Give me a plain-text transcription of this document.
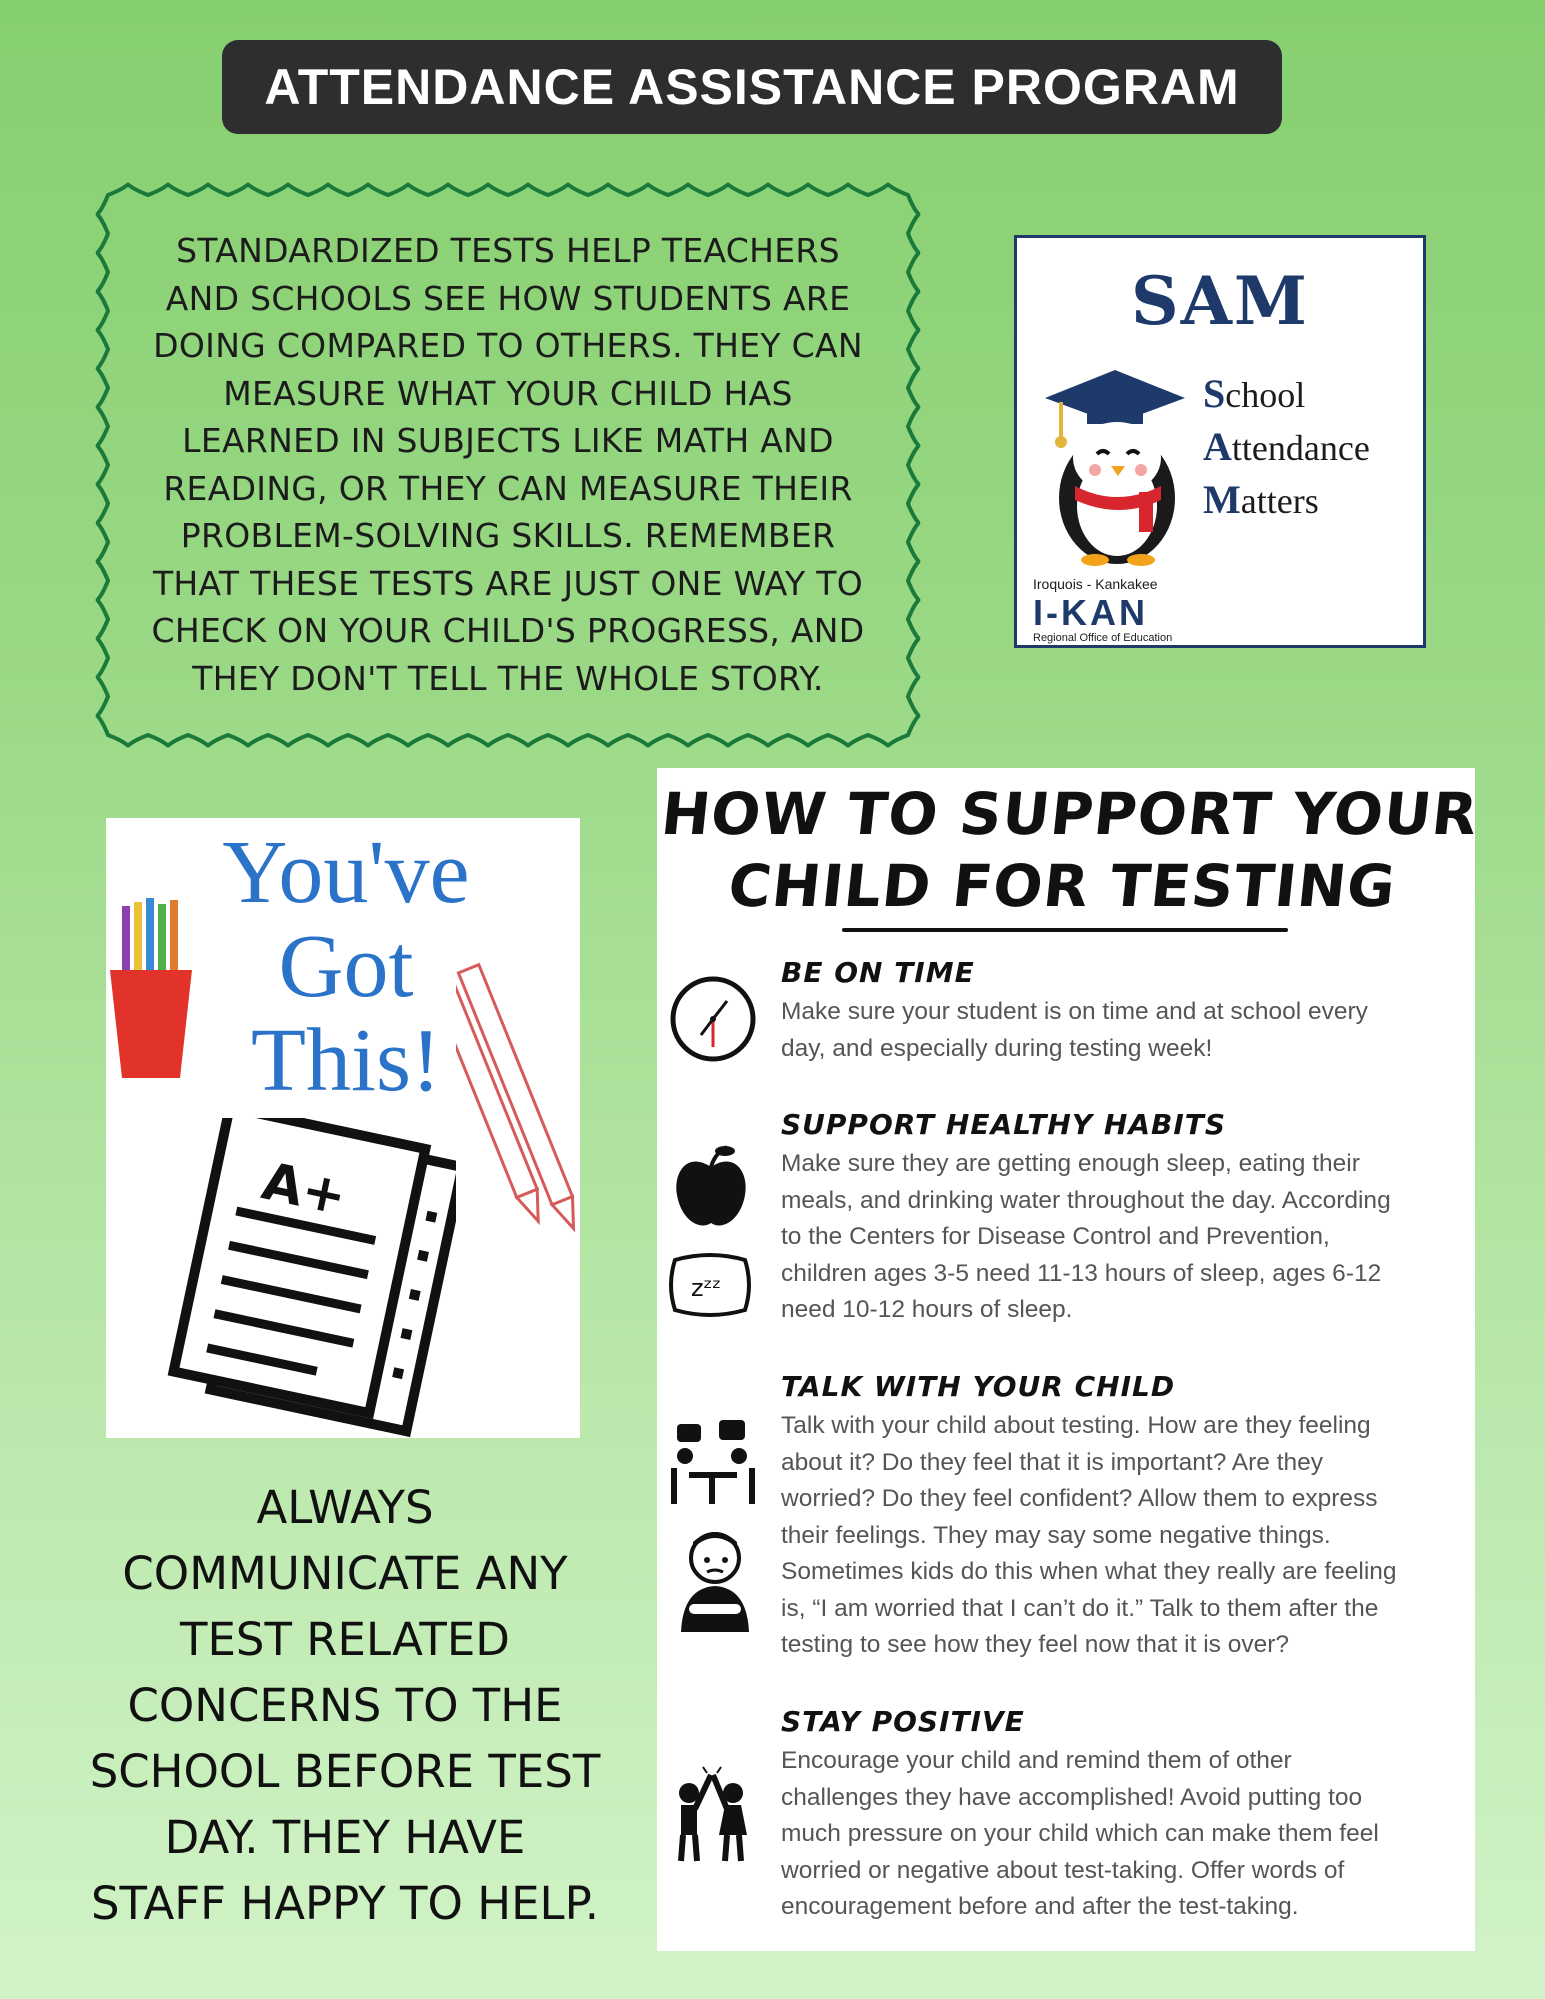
ATTENDANCE ASSISTANCE PROGRAM
STANDARDIZED TESTS HELP TEACHERS
AND SCHOOLS SEE HOW STUDENTS ARE
DOING COMPARED TO OTHERS. THEY CAN
MEASURE WHAT YOUR CHILD HAS
LEARNED IN SUBJECTS LIKE MATH AND
READING, OR THEY CAN MEASURE THEIR
PROBLEM-SOLVING SKILLS. REMEMBER
THAT THESE TESTS ARE JUST ONE WAY TO
CHECK ON YOUR CHILD'S PROGRESS, AND
THEY DON'T TELL THE WHOLE STORY.
SAM
School
Attendance
Matters
Iroquois - Kankakee
I-KAN
Regional Office of Education
You've
Got
This!
A+
ALWAYS
COMMUNICATE ANY
TEST RELATED
CONCERNS TO THE
SCHOOL BEFORE TEST
DAY. THEY HAVE
STAFF HAPPY TO HELP.
HOW TO SUPPORT YOUR
CHILD FOR TESTING
BE ON TIME
Make sure your student is on time and at school every
day, and especially during testing week!
zᶻᶻ
SUPPORT HEALTHY HABITS
Make sure they are getting enough sleep, eating their
meals, and drinking water throughout the day. According
to the Centers for Disease Control and Prevention,
children ages 3-5 need 11-13 hours of sleep, ages 6-12
need 10-12 hours of sleep.
TALK WITH YOUR CHILD
Talk with your child about testing. How are they feeling
about it? Do they feel that it is important? Are they
worried? Do they feel confident? Allow them to express
their feelings. They may say some negative things.
Sometimes kids do this when what they really are feeling
is, “I am worried that I can’t do it.” Talk to them after the
testing to see how they feel now that it is over?
STAY POSITIVE
Encourage your child and remind them of other
challenges they have accomplished! Avoid putting too
much pressure on your child which can make them feel
worried or negative about test-taking. Offer words of
encouragement before and after the test-taking.
